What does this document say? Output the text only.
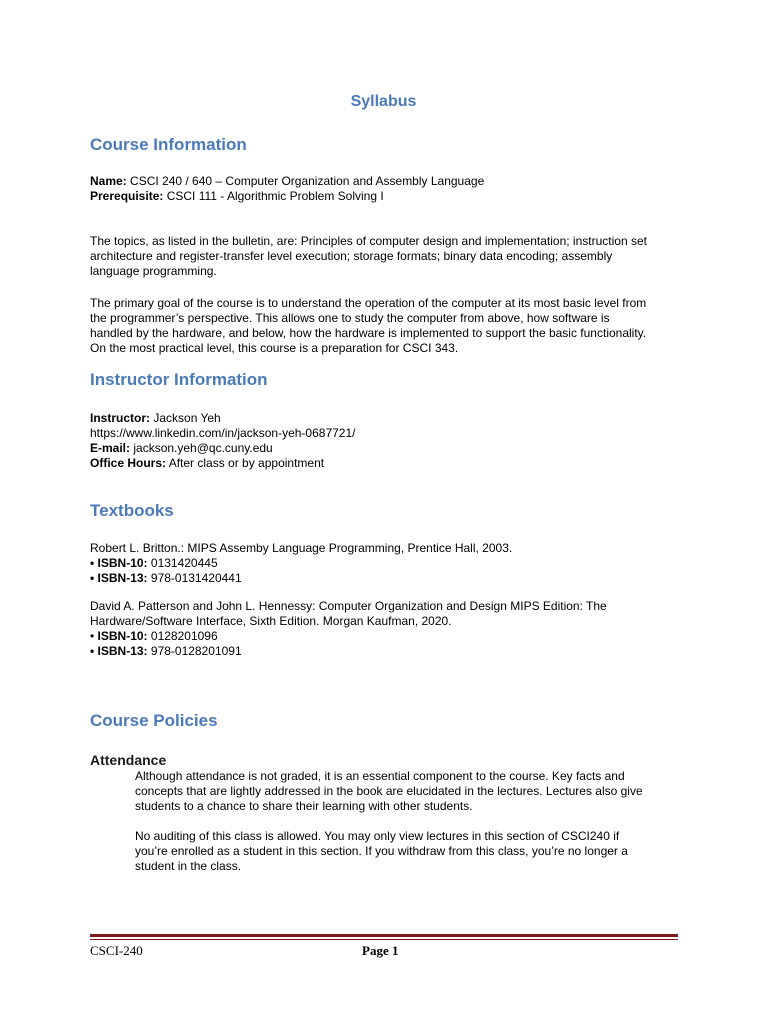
Syllabus
Course Information
Name: CSCI 240 / 640 – Computer Organization and Assembly Language
Prerequisite: CSCI 111 - Algorithmic Problem Solving I
The topics, as listed in the bulletin, are: Principles of computer design and implementation; instruction set
architecture and register-transfer level execution; storage formats; binary data encoding; assembly
language programming.
The primary goal of the course is to understand the operation of the computer at its most basic level from
the programmer’s perspective. This allows one to study the computer from above, how software is
handled by the hardware, and below, how the hardware is implemented to support the basic functionality.
On the most practical level, this course is a preparation for CSCI 343.
Instructor Information
Instructor: Jackson Yeh
https://www.linkedin.com/in/jackson-yeh-0687721/
E-mail: jackson.yeh@qc.cuny.edu
Office Hours: After class or by appointment
Textbooks
Robert L. Britton.: MIPS Assemby Language Programming, Prentice Hall, 2003.
• ISBN-10: 0131420445
• ISBN-13: 978-0131420441
David A. Patterson and John L. Hennessy: Computer Organization and Design MIPS Edition: The
Hardware/Software Interface, Sixth Edition. Morgan Kaufman, 2020.
• ISBN-10: 0128201096
• ISBN-13: 978-0128201091
Course Policies
Attendance
Although attendance is not graded, it is an essential component to the course. Key facts and
concepts that are lightly addressed in the book are elucidated in the lectures. Lectures also give
students to a chance to share their learning with other students.
No auditing of this class is allowed. You may only view lectures in this section of CSCI240 if
you’re enrolled as a student in this section. If you withdraw from this class, you’re no longer a
student in the class.
CSCI-240	Page 1
